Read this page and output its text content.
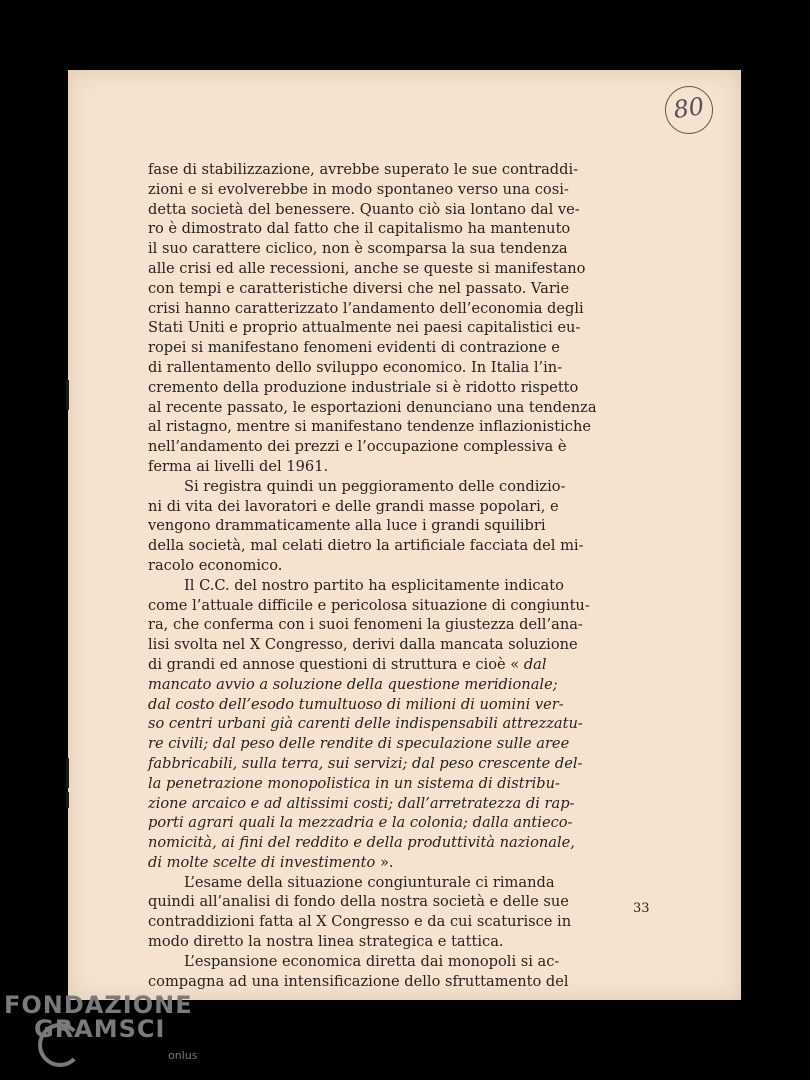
80
fase di stabilizzazione, avrebbe superato le sue contraddi-
zioni e si evolverebbe in modo spontaneo verso una cosi-
detta società del benessere. Quanto ciò sia lontano dal ve-
ro è dimostrato dal fatto che il capitalismo ha mantenuto
il suo carattere ciclico, non è scomparsa la sua tendenza
alle crisi ed alle recessioni, anche se queste si manifestano
con tempi e caratteristiche diversi che nel passato. Varie
crisi hanno caratterizzato l’andamento dell’economia degli
Stati Uniti e proprio attualmente nei paesi capitalistici eu-
ropei si manifestano fenomeni evidenti di contrazione e
di rallentamento dello sviluppo economico. In Italia l’in-
cremento della produzione industriale si è ridotto rispetto
al recente passato, le esportazioni denunciano una tendenza
al ristagno, mentre si manifestano tendenze inflazionistiche
nell’andamento dei prezzi e l’occupazione complessiva è
ferma ai livelli del 1961.
Si registra quindi un peggioramento delle condizio-
ni di vita dei lavoratori e delle grandi masse popolari, e
vengono drammaticamente alla luce i grandi squilibri
della società, mal celati dietro la artificiale facciata del mi-
racolo economico.
Il C.C. del nostro partito ha esplicitamente indicato
come l’attuale difficile e pericolosa situazione di congiuntu-
ra, che conferma con i suoi fenomeni la giustezza dell’ana-
lisi svolta nel X Congresso, derivi dalla mancata soluzione
di grandi ed annose questioni di struttura e cioè « dal
mancato avvio a soluzione della questione meridionale;
dal costo dell’esodo tumultuoso di milioni di uomini ver-
so centri urbani già carenti delle indispensabili attrezzatu-
re civili; dal peso delle rendite di speculazione sulle aree
fabbricabili, sulla terra, sui servizi; dal peso crescente del-
la penetrazione monopolistica in un sistema di distribu-
zione arcaico e ad altissimi costi; dall’arretratezza di rap-
porti agrari quali la mezzadria e la colonia; dalla antieco-
nomicità, ai fini del reddito e della produttività nazionale,
di molte scelte di investimento ».
L’esame della situazione congiunturale ci rimanda
quindi all’analisi di fondo della nostra società e delle sue
contraddizioni fatta al X Congresso e da cui scaturisce in
modo diretto la nostra linea strategica e tattica.
L’espansione economica diretta dai monopoli si ac-
compagna ad una intensificazione dello sfruttamento del
33
FONDAZIONE
GRAMSCI
onlus
